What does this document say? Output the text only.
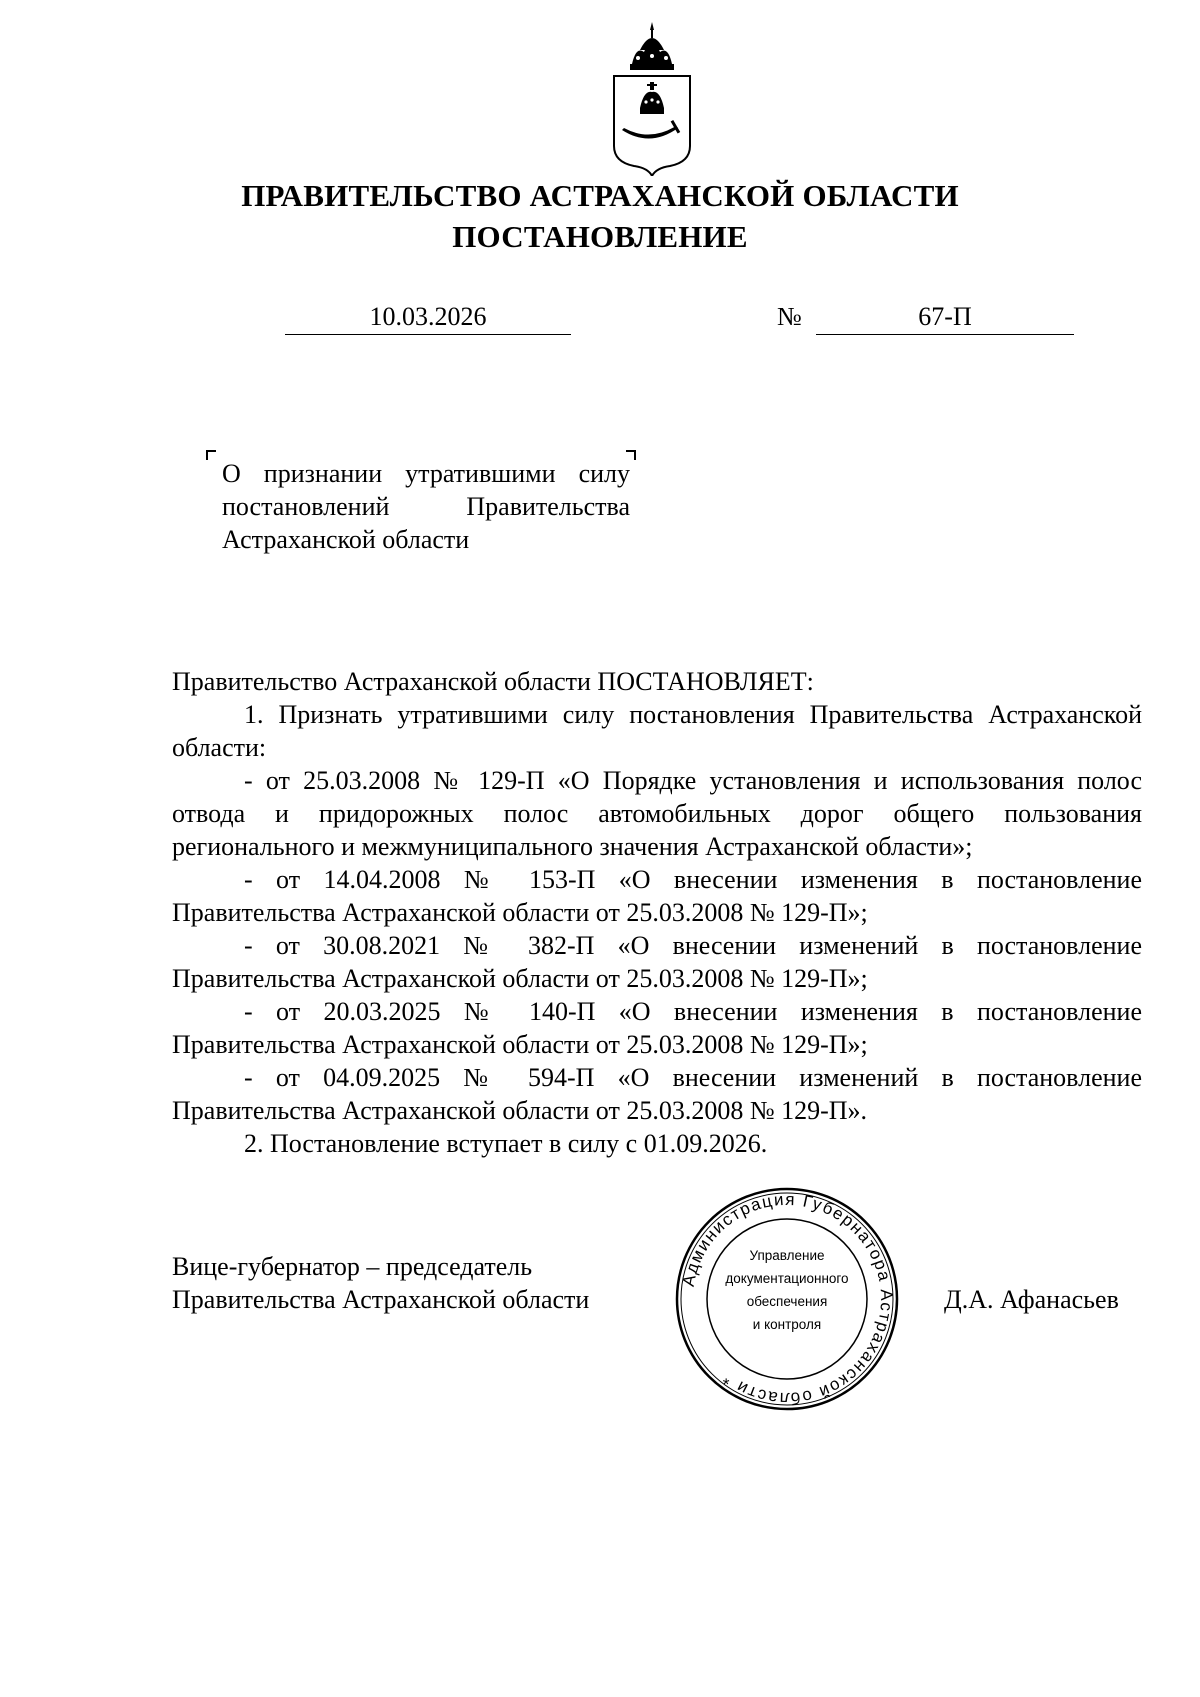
ПРАВИТЕЛЬСТВО АСТРАХАНСКОЙ ОБЛАСТИ
ПОСТАНОВЛЕНИЕ
10.03.2026	№	67-П
О признании утратившими силу постановлений Правительства Астраханской области

Правительство Астраханской области ПОСТАНОВЛЯЕТ:

1. Признать утратившими силу постановления Правительства Астраханской области:

- от 25.03.2008 № 129-П «О Порядке установления и использования полос отвода и придорожных полос автомобильных дорог общего пользования регионального и межмуниципального значения Астраханской области»;

- от 14.04.2008 № 153-П «О внесении изменения в постановление Правительства Астраханской области от 25.03.2008 № 129-П»;

- от 30.08.2021 № 382-П «О внесении изменений в постановление Правительства Астраханской области от 25.03.2008 № 129-П»;

- от 20.03.2025 № 140-П «О внесении изменения в постановление Правительства Астраханской области от 25.03.2008 № 129-П»;

- от 04.09.2025 № 594-П «О внесении изменений в постановление Правительства Астраханской области от 25.03.2008 № 129-П».

2. Постановление вступает в силу с 01.09.2026.

Вице-губернатор – председатель
Правительства Астраханской области	Д.А. Афанасьев
Администрация Губернатора Астраханской области *
Управление
документационного
обеспечения
и контроля
